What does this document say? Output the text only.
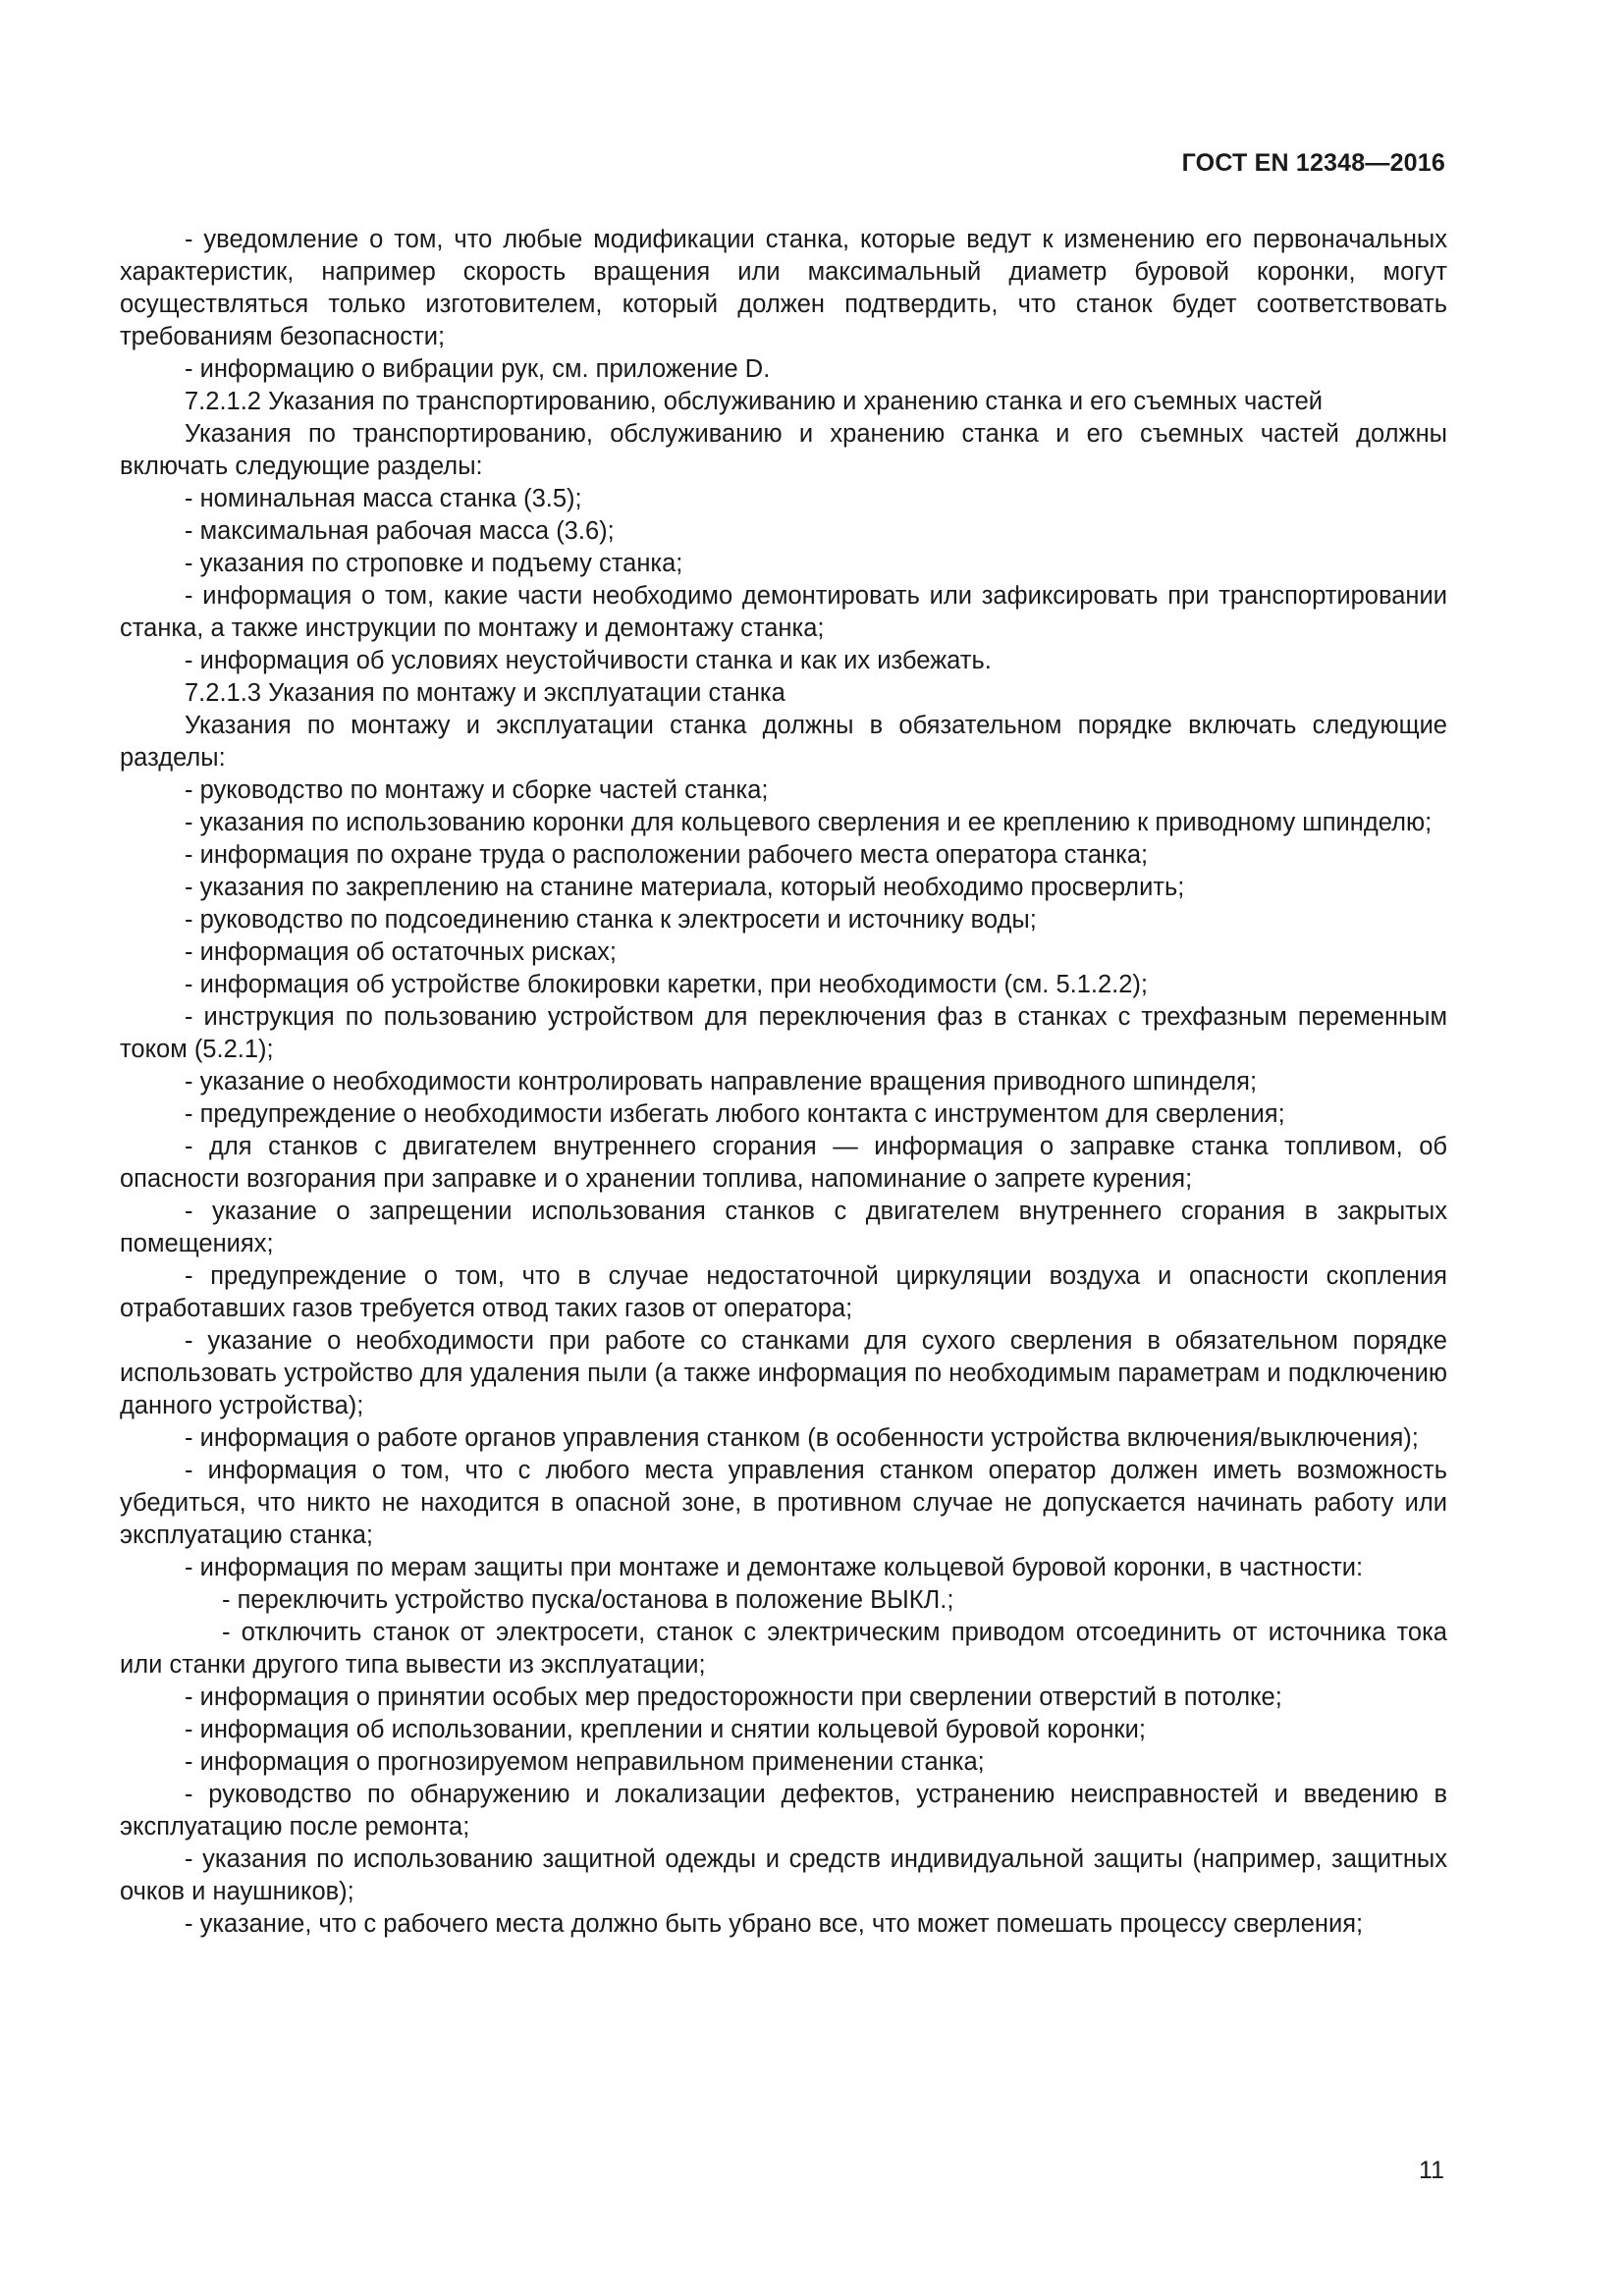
ГОСТ EN 12348—2016

- уведомление о том, что любые модификации станка, которые ведут к изменению его первоначальных характеристик, например скорость вращения или максимальный диаметр буровой коронки, могут осуществляться только изготовителем, который должен подтвердить, что станок будет соответствовать требованиям безопасности;

- информацию о вибрации рук, см. приложение D.

7.2.1.2 Указания по транспортированию, обслуживанию и хранению станка и его съемных частей

Указания по транспортированию, обслуживанию и хранению станка и его съемных частей должны включать следующие разделы:

- номинальная масса станка (3.5);

- максимальная рабочая масса (3.6);

- указания по строповке и подъему станка;

- информация о том, какие части необходимо демонтировать или зафиксировать при транспортировании станка, а также инструкции по монтажу и демонтажу станка;

- информация об условиях неустойчивости станка и как их избежать.

7.2.1.3 Указания по монтажу и эксплуатации станка

Указания по монтажу и эксплуатации станка должны в обязательном порядке включать следующие разделы:

- руководство по монтажу и сборке частей станка;

- указания по использованию коронки для кольцевого сверления и ее креплению к приводному шпинделю;

- информация по охране труда о расположении рабочего места оператора станка;

- указания по закреплению на станине материала, который необходимо просверлить;

- руководство по подсоединению станка к электросети и источнику воды;

- информация об остаточных рисках;

- информация об устройстве блокировки каретки, при необходимости (см. 5.1.2.2);

- инструкция по пользованию устройством для переключения фаз в станках с трехфазным переменным током (5.2.1);

- указание о необходимости контролировать направление вращения приводного шпинделя;

- предупреждение о необходимости избегать любого контакта с инструментом для сверления;

- для станков с двигателем внутреннего сгорания — информация о заправке станка топливом, об опасности возгорания при заправке и о хранении топлива, напоминание о запрете курения;

- указание о запрещении использования станков с двигателем внутреннего сгорания в закрытых помещениях;

- предупреждение о том, что в случае недостаточной циркуляции воздуха и опасности скопления отработавших газов требуется отвод таких газов от оператора;

- указание о необходимости при работе со станками для сухого сверления в обязательном порядке использовать устройство для удаления пыли (а также информация по необходимым параметрам и подключению данного устройства);

- информация о работе органов управления станком (в особенности устройства включения/выключения);

- информация о том, что с любого места управления станком оператор должен иметь возможность убедиться, что никто не находится в опасной зоне, в противном случае не допускается начинать работу или эксплуатацию станка;

- информация по мерам защиты при монтаже и демонтаже кольцевой буровой коронки, в частности:

- переключить устройство пуска/останова в положение ВЫКЛ.;

- отключить станок от электросети, станок с электрическим приводом отсоединить от источника тока или станки другого типа вывести из эксплуатации;

- информация о принятии особых мер предосторожности при сверлении отверстий в потолке;

- информация об использовании, креплении и снятии кольцевой буровой коронки;

- информация о прогнозируемом неправильном применении станка;

- руководство по обнаружению и локализации дефектов, устранению неисправностей и введению в эксплуатацию после ремонта;

- указания по использованию защитной одежды и средств индивидуальной защиты (например, защитных очков и наушников);

- указание, что с рабочего места должно быть убрано все, что может помешать процессу сверления;

11
